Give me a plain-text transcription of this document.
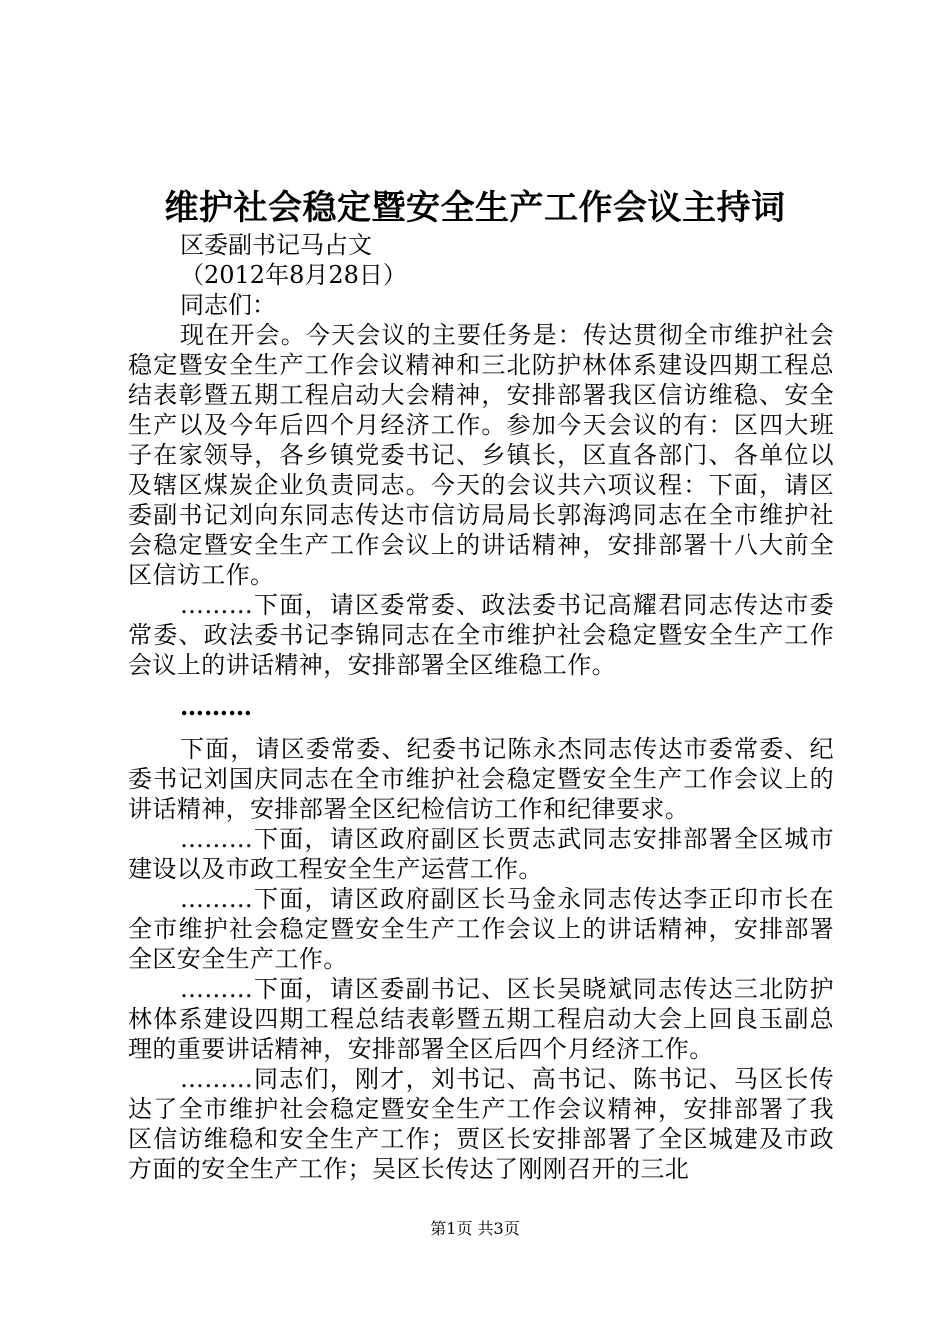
维护社会稳定暨安全生产工作会议主持词

区委副书记马占文

（2012年8月28日）

同志们：

现在开会。今天会议的主要任务是：传达贯彻全市维护社会稳定暨安全生产工作会议精神和三北防护林体系建设四期工程总结表彰暨五期工程启动大会精神，安排部署我区信访维稳、安全生产以及今年后四个月经济工作。参加今天会议的有：区四大班子在家领导，各乡镇党委书记、乡镇长，区直各部门、各单位以及辖区煤炭企业负责同志。今天的会议共六项议程：下面，请区委副书记刘向东同志传达市信访局局长郭海鸿同志在全市维护社会稳定暨安全生产工作会议上的讲话精神，安排部署十八大前全区信访工作。

………下面，请区委常委、政法委书记高耀君同志传达市委常委、政法委书记李锦同志在全市维护社会稳定暨安全生产工作会议上的讲话精神，安排部署全区维稳工作。

………

下面，请区委常委、纪委书记陈永杰同志传达市委常委、纪委书记刘国庆同志在全市维护社会稳定暨安全生产工作会议上的讲话精神，安排部署全区纪检信访工作和纪律要求。

………下面，请区政府副区长贾志武同志安排部署全区城市建设以及市政工程安全生产运营工作。

………下面，请区政府副区长马金永同志传达李正印市长在全市维护社会稳定暨安全生产工作会议上的讲话精神，安排部署全区安全生产工作。

………下面，请区委副书记、区长吴晓斌同志传达三北防护林体系建设四期工程总结表彰暨五期工程启动大会上回良玉副总理的重要讲话精神，安排部署全区后四个月经济工作。

………同志们，刚才，刘书记、高书记、陈书记、马区长传达了全市维护社会稳定暨安全生产工作会议精神，安排部署了我区信访维稳和安全生产工作；贾区长安排部署了全区城建及市政方面的安全生产工作；吴区长传达了刚刚召开的三北

第1页 共3页
